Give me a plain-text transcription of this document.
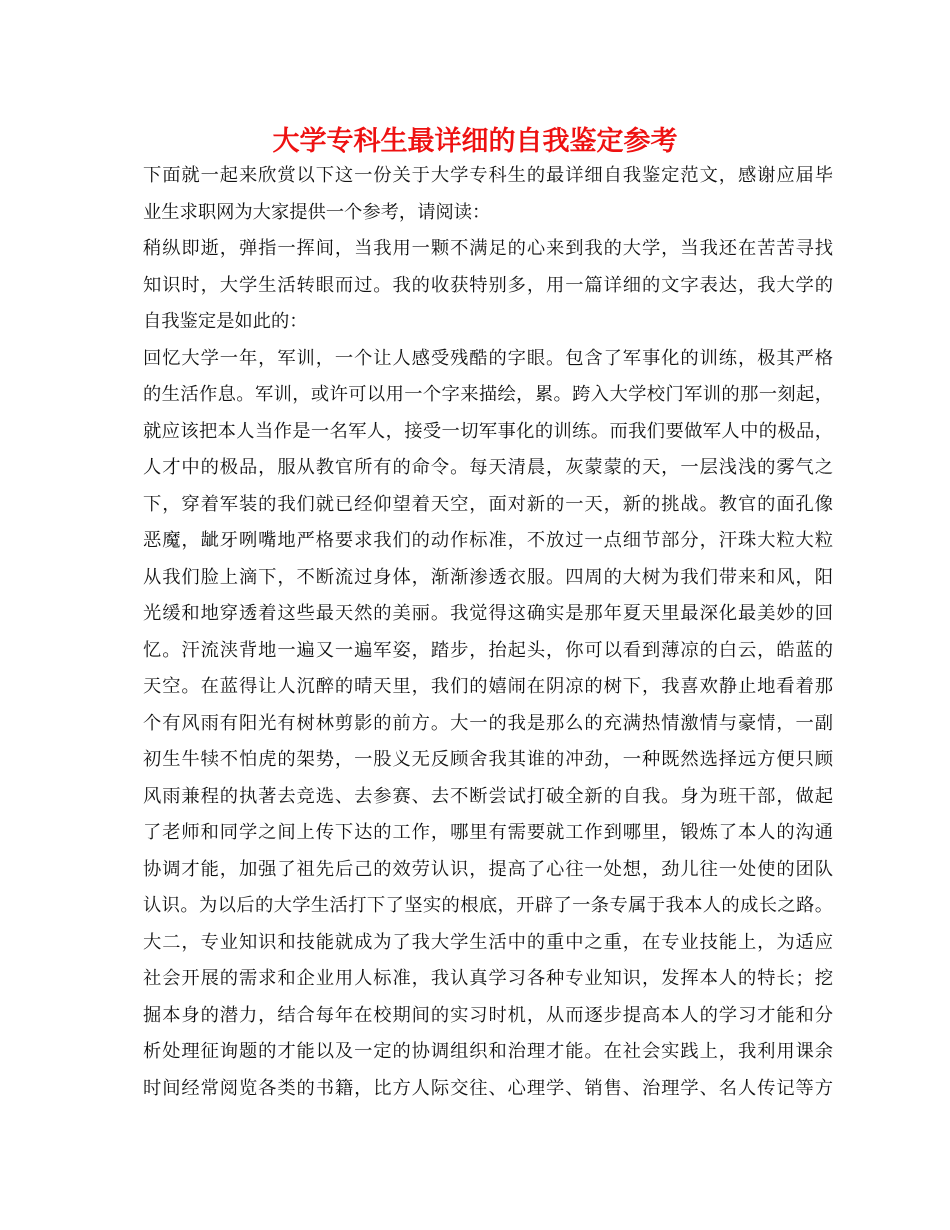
大学专科生最详细的自我鉴定参考
下面就一起来欣赏以下这一份关于大学专科生的最详细自我鉴定范文，感谢应届毕
业生求职网为大家提供一个参考，请阅读：
稍纵即逝，弹指一挥间，当我用一颗不满足的心来到我的大学，当我还在苦苦寻找
知识时，大学生活转眼而过。我的收获特别多，用一篇详细的文字表达，我大学的
自我鉴定是如此的：
回忆大学一年，军训，一个让人感受残酷的字眼。包含了军事化的训练，极其严格
的生活作息。军训，或许可以用一个字来描绘，累。跨入大学校门军训的那一刻起，
就应该把本人当作是一名军人，接受一切军事化的训练。而我们要做军人中的极品，
人才中的极品，服从教官所有的命令。每天清晨，灰蒙蒙的天，一层浅浅的雾气之
下，穿着军装的我们就已经仰望着天空，面对新的一天，新的挑战。教官的面孔像
恶魔，龇牙咧嘴地严格要求我们的动作标准，不放过一点细节部分，汗珠大粒大粒
从我们脸上滴下，不断流过身体，渐渐渗透衣服。四周的大树为我们带来和风，阳
光缓和地穿透着这些最天然的美丽。我觉得这确实是那年夏天里最深化最美妙的回
忆。汗流浃背地一遍又一遍军姿，踏步，抬起头，你可以看到薄凉的白云，皓蓝的
天空。在蓝得让人沉醉的晴天里，我们的嬉闹在阴凉的树下，我喜欢静止地看着那
个有风雨有阳光有树林剪影的前方。大一的我是那么的充满热情激情与豪情，一副
初生牛犊不怕虎的架势，一股义无反顾舍我其谁的冲劲，一种既然选择远方便只顾
风雨兼程的执著去竞选、去参赛、去不断尝试打破全新的自我。身为班干部，做起
了老师和同学之间上传下达的工作，哪里有需要就工作到哪里，锻炼了本人的沟通
协调才能，加强了祖先后己的效劳认识，提高了心往一处想，劲儿往一处使的团队
认识。为以后的大学生活打下了坚实的根底，开辟了一条专属于我本人的成长之路。
大二，专业知识和技能就成为了我大学生活中的重中之重，在专业技能上，为适应
社会开展的需求和企业用人标准，我认真学习各种专业知识，发挥本人的特长；挖
掘本身的潜力，结合每年在校期间的实习时机，从而逐步提高本人的学习才能和分
析处理征询题的才能以及一定的协调组织和治理才能。在社会实践上，我利用课余
时间经常阅览各类的书籍，比方人际交往、心理学、销售、治理学、名人传记等方
